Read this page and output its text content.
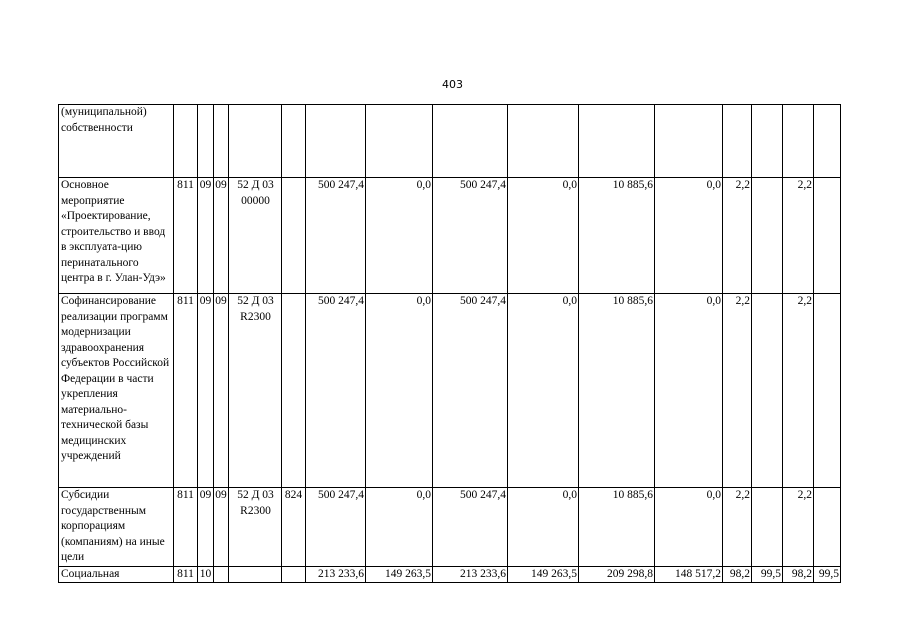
403
(муниципальной) собственности															
Основное мероприятие «Проектирование, строительство и ввод в эксплуата-цию перинатального центра в г. Улан-Удэ»	811	09	09	52 Д 03 00000		500 247,4	0,0	500 247,4	0,0	10 885,6	0,0	2,2		2,2	
Софинансирование реализации программ модернизации здравоохранения субъектов Российской Федерации в части укрепления материально-технической базы медицинских учреждений	811	09	09	52 Д 03 R2300		500 247,4	0,0	500 247,4	0,0	10 885,6	0,0	2,2		2,2	
Субсидии государственным корпорациям (компаниям) на иные цели	811	09	09	52 Д 03 R2300	824	500 247,4	0,0	500 247,4	0,0	10 885,6	0,0	2,2		2,2	
Социальная	811	10				213 233,6	149 263,5	213 233,6	149 263,5	209 298,8	148 517,2	98,2	99,5	98,2	99,5
